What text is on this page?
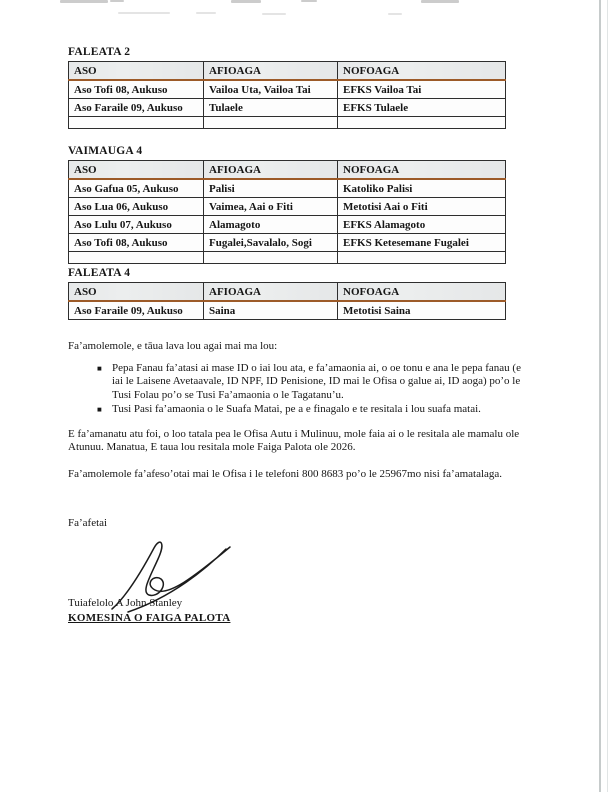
FALEATA 2
ASO	AFIOAGA	NOFOAGA
Aso Tofi 08, Aukuso	Vailoa Uta, Vailoa Tai	EFKS Vailoa Tai
Aso Faraile 09, Aukuso	Tulaele	EFKS Tulaele

VAIMAUGA 4
ASO	AFIOAGA	NOFOAGA
Aso Gafua 05, Aukuso	Palisi	Katoliko Palisi
Aso Lua 06, Aukuso	Vaimea, Aai o Fiti	Metotisi Aai o Fiti
Aso Lulu 07, Aukuso	Alamagoto	EFKS Alamagoto
Aso Tofi 08, Aukuso	Fugalei,Savalalo, Sogi	EFKS Ketesemane Fugalei

FALEATA 4
ASO	AFIOAGA	NOFOAGA
Aso Faraile 09, Aukuso	Saina	Metotisi Saina

Fa’amolemole, e tāua lava lou agai mai ma lou:

■ Pepa Fanau fa’atasi ai mase ID o iai lou ata, e fa’amaonia ai, o oe tonu e ana le pepa fanau (e iai le Laisene Avetaavale, ID NPF, ID Penisione, ID mai le Ofisa o galue ai, ID aoga) po’o le Tusi Folau po’o se Tusi Fa’amaonia o le Tagatanu’u.
■ Tusi Pasi fa’amaonia o le Suafa Matai, pe a e finagalo e te resitala i lou suafa matai.

E fa’amanatu atu foi, o loo tatala pea le Ofisa Autu i Mulinuu, mole faia ai o le resitala ale mamalu ole Atunuu. Manatua, E taua lou resitala mole Faiga Palota ole 2026.

Fa’amolemole fa’afeso’otai mai le Ofisa i le telefoni 800 8683 po’o le 25967mo nisi fa’amatalaga.

Fa’afetai

Tuiafelolo A John Stanley
KOMESINA O FAIGA PALOTA
